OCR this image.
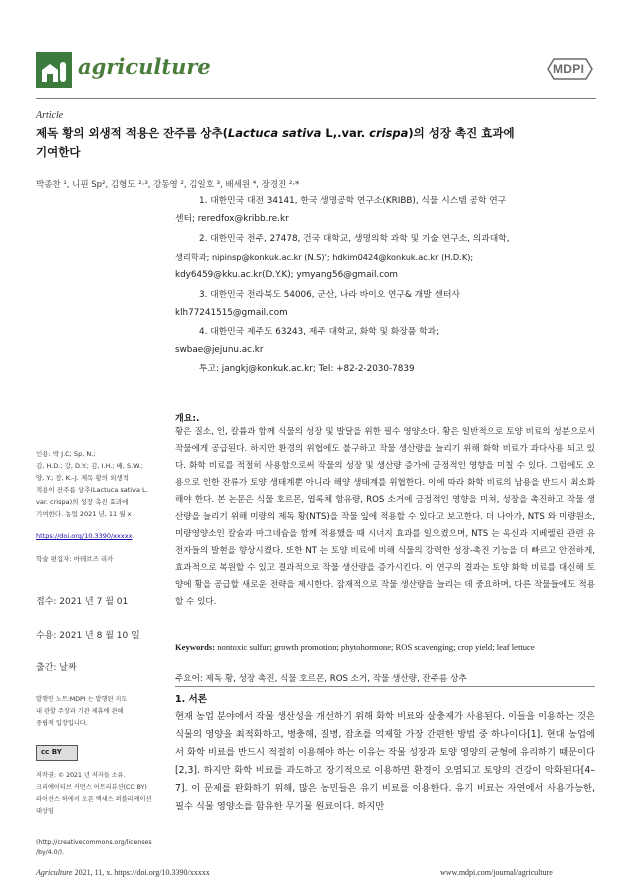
agriculture	MDPI
Article
제독 황의 외생적 적용은 잔주름 상추(Lactuca sativa L,.var. crispa)의 성장 촉진 효과에
기여한다
박종찬 ¹, 니핀 Sp², 김형도 ²·³, 강동영 ², 김일호 ³, 배세원 ⁴, 장경진 ²·*
1. 대한민국 대전 34141, 한국 생명공학 연구소(KRIBB), 식물 시스템 공학 연구
센터; reredfox@kribb.re.kr
2. 대한민국 전주, 27478, 건국 대학교, 생명의학 과학 및 기술 연구소, 의과대학,
생리학과; nipinsp@konkuk.ac.kr (N.S)'; hdkim0424@konkuk.ac.kr (H.D.K);
kdy6459@kku.ac.kr(D.Y.K); ymyang56@gmail.com
3. 대한민국 전라북도 54006, 군산, 나라 바이오 연구& 개발 센터사
klh77241515@gmail.com
4. 대한민국 제주도 63243, 제주 대학교, 화학 및 화장품 학과;
swbae@jejunu.ac.kr
투고: jangkj@konkuk.ac.kr; Tel: +82-2-2030-7839
인용: 박 J.C; Sp, N.;
김, H.D.; 강, D.Y.; 김, I.H.; 배, S.W.;
양, Y.; 장, K.-J. 제독 황의 외생적
적용이 잔주름 상추(Lactuca sativa L.
var. crispa)의 성장 촉진 효과에
기여한다. 농업 2021 년, 11 월 x
https://doi.org/10.3390/xxxxx
학술 편집자: 마테브즈 리카
접수: 2021 년 7 월 01
수용: 2021 년 8 월 10 일
출간: 날짜
발행인 노트:MDPI 는 발행된 지도
내 관할 주장과 기관 제휴에 관해
중립적 입장입니다.
cc BY
저작권: © 2021 년 저자들 소유.
크리에이티브 커먼스 어트리뷰션(CC BY)
라이선스 하에서 오픈 액세스 퍼블리케이션
대상임
(http://creativecommons.org/licenses
/by/4.0/).
개요:.
황은 질소, 인, 칼륨과 함께 식물의 성장 및 발달을 위한 필수 영양소다. 황은 일반적으로 토양 비료의 성분으로서 작물에게 공급된다. 하지만 환경의 위협에도 불구하고 작물 생산량을 늘리기 위해 화학 비료가 과다사용 되고 있다. 화학 비료를 적절히 사용함으로써 작물의 성장 및 생산량 증가에 긍정적인 영향을 미칠 수 있다. 그럼에도 오용으로 인한 잔류가 토양 생태계뿐 아니라 해양 생태계를 위협한다. 이에 따라 화학 비료의 남용을 반드시 최소화해야 한다. 본 논문은 식물 호르몬, 엽록체 함유량, ROS 소거에 긍정적인 영향을 미쳐, 성장을 촉진하고 작물 생산량을 늘리기 위해 미량의 제독 황(NTS)을 작물 잎에 적용할 수 있다고 보고한다. 더 나아가, NTS 와 미량원소, 미량영양소인 칼슘과 마그네슘을 함께 적용했을 때 시너지 효과를 일으켰으며, NTS 는 옥신과 지베렐린 관련 유전자들의 발현을 향상시켰다. 또한 NT 는 토양 비료에 비해 식물의 강력한 성장-촉진 기능을 더 빠르고 안전하게, 효과적으로 복원할 수 있고 결과적으로 작물 생산량을 증가시킨다. 이 연구의 결과는 토양 화학 비료를 대신해 토양에 황을 공급할 새로운 전략을 제시한다. 잠재적으로 작물 생산량을 늘리는 데 중요하며, 다른 작물들에도 적용할 수 있다.
Keywords: nontoxic sulfur; growth promotion; phytohormone; ROS scavenging; crop yield; leaf lettuce
주요어: 제독 황, 성장 촉진, 식물 호르몬, ROS 소거, 작물 생산량, 잔주름 상추
1. 서론
현재 농업 분야에서 작물 생산성을 개선하기 위해 화학 비료와 살충제가 사용된다. 이들을 이용하는 것은 식물의 영양을 최적화하고, 병충해, 질병, 잡초를 억제할 가장 간편한 방법 중 하나이다[1]. 현대 농업에서 화학 비료를 반드시 적절히 이용해야 하는 이유는 작물 성장과 토양 영양의 균형에 유리하기 때문이다[2,3]. 하지만 화학 비료를 과도하고 장기적으로 이용하면 환경이 오염되고 토양의 건강이 악화된다[4–7]. 이 문제를 완화하기 위해, 많은 농민들은 유기 비료를 이용한다. 유기 비료는 자연에서 사용가능한, 필수 식물 영양소를 함유한 무기물 원료이다. 하지만
Agriculture 2021, 11, x. https://doi.org/10.3390/xxxxx	www.mdpi.com/journal/agriculture
